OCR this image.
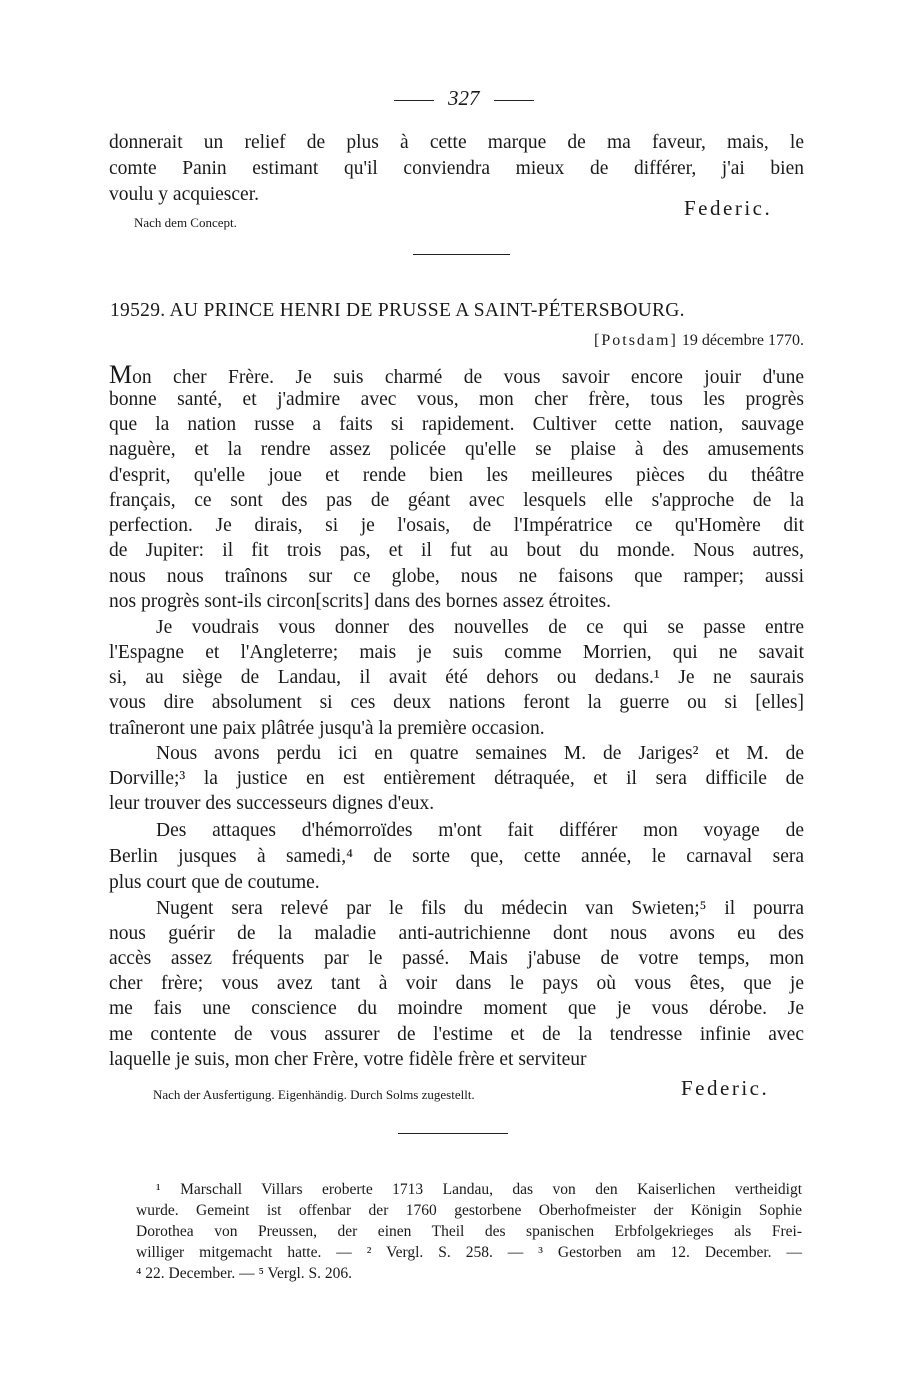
327
donnerait un relief de plus à cette marque de ma faveur, mais, le
comte Panin estimant qu'il conviendra mieux de différer, j'ai bien
voulu y acquiescer.
Federic.
Nach dem Concept.
19529. AU PRINCE HENRI DE PRUSSE A SAINT-PÉTERSBOURG.
[Potsdam] 19 décembre 1770.
Mon cher Frère. Je suis charmé de vous savoir encore jouir d'une
bonne santé, et j'admire avec vous, mon cher frère, tous les progrès
que la nation russe a faits si rapidement. Cultiver cette nation, sauvage
naguère, et la rendre assez policée qu'elle se plaise à des amusements
d'esprit, qu'elle joue et rende bien les meilleures pièces du théâtre
français, ce sont des pas de géant avec lesquels elle s'approche de la
perfection. Je dirais, si je l'osais, de l'Impératrice ce qu'Homère dit
de Jupiter: il fit trois pas, et il fut au bout du monde. Nous autres,
nous nous traînons sur ce globe, nous ne faisons que ramper; aussi
nos progrès sont-ils circon[scrits] dans des bornes assez étroites.
Je voudrais vous donner des nouvelles de ce qui se passe entre
l'Espagne et l'Angleterre; mais je suis comme Morrien, qui ne savait
si, au siège de Landau, il avait été dehors ou dedans.¹ Je ne saurais
vous dire absolument si ces deux nations feront la guerre ou si [elles]
traîneront une paix plâtrée jusqu'à la première occasion.
Nous avons perdu ici en quatre semaines M. de Jariges² et M. de
Dorville;³ la justice en est entièrement détraquée, et il sera difficile de
leur trouver des successeurs dignes d'eux.
Des attaques d'hémorroïdes m'ont fait différer mon voyage de
Berlin jusques à samedi,⁴ de sorte que, cette année, le carnaval sera
plus court que de coutume.
Nugent sera relevé par le fils du médecin van Swieten;⁵ il pourra
nous guérir de la maladie anti-autrichienne dont nous avons eu des
accès assez fréquents par le passé. Mais j'abuse de votre temps, mon
cher frère; vous avez tant à voir dans le pays où vous êtes, que je
me fais une conscience du moindre moment que je vous dérobe. Je
me contente de vous assurer de l'estime et de la tendresse infinie avec
laquelle je suis, mon cher Frère, votre fidèle frère et serviteur
Nach der Ausfertigung. Eigenhändig. Durch Solms zugestellt.	Federic.
¹ Marschall Villars eroberte 1713 Landau, das von den Kaiserlichen vertheidigt
wurde. Gemeint ist offenbar der 1760 gestorbene Oberhofmeister der Königin Sophie
Dorothea von Preussen, der einen Theil des spanischen Erbfolgekrieges als Frei-
williger mitgemacht hatte. — ² Vergl. S. 258. — ³ Gestorben am 12. December. —
⁴ 22. December. — ⁵ Vergl. S. 206.
